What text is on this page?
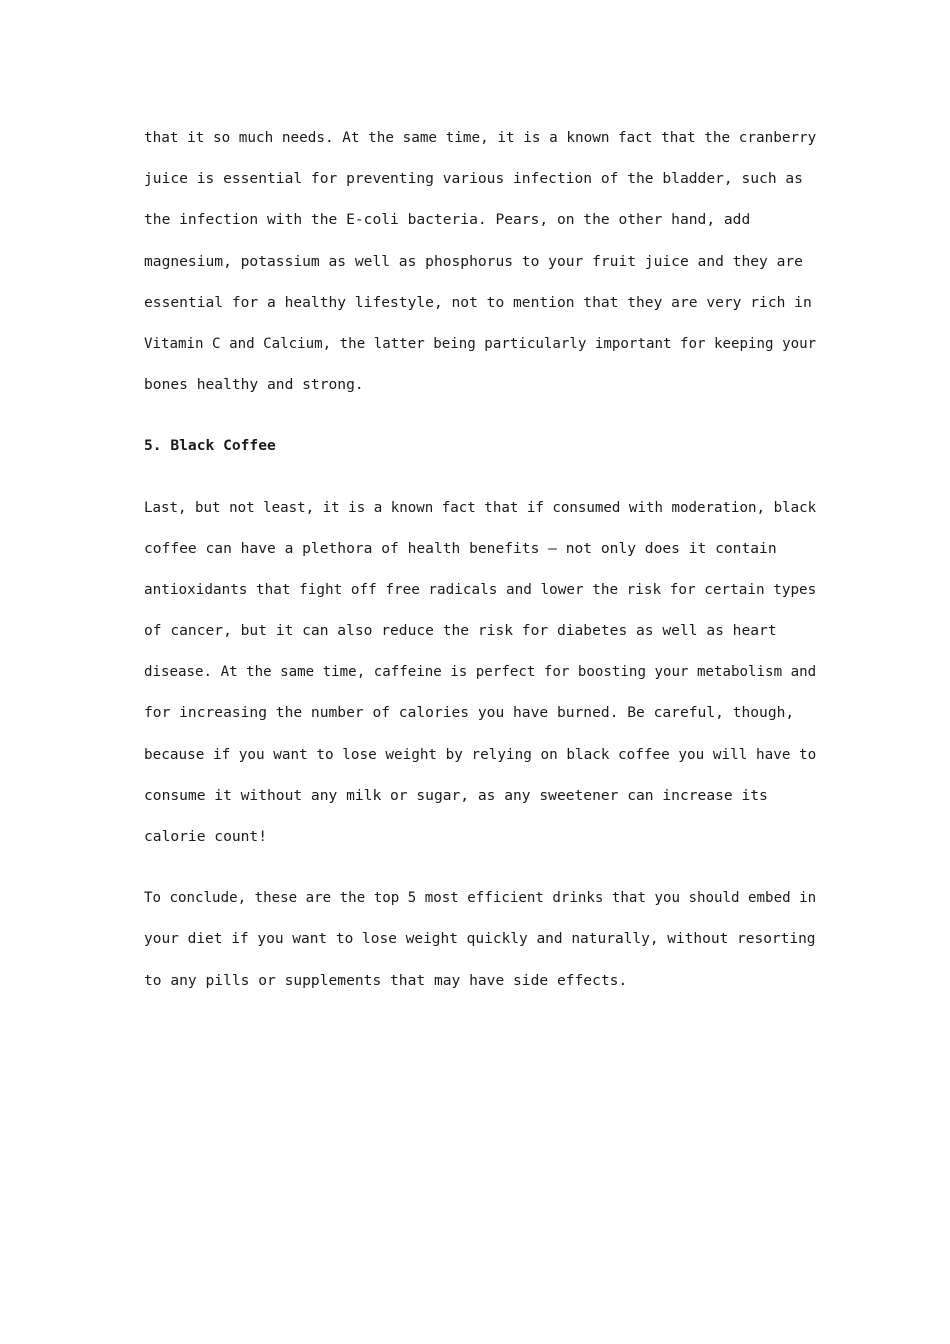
that it so much needs. At the same time, it is a known fact that the cranberry
juice is essential for preventing various infection of the bladder, such as
the infection with the E-coli bacteria. Pears, on the other hand, add
magnesium, potassium as well as phosphorus to your fruit juice and they are
essential for a healthy lifestyle, not to mention that they are very rich in
Vitamin C and Calcium, the latter being particularly important for keeping your
bones healthy and strong.
5. Black Coffee
Last, but not least, it is a known fact that if consumed with moderation, black
coffee can have a plethora of health benefits – not only does it contain
antioxidants that fight off free radicals and lower the risk for certain types
of cancer, but it can also reduce the risk for diabetes as well as heart
disease. At the same time, caffeine is perfect for boosting your metabolism and
for increasing the number of calories you have burned. Be careful, though,
because if you want to lose weight by relying on black coffee you will have to
consume it without any milk or sugar, as any sweetener can increase its
calorie count!
To conclude, these are the top 5 most efficient drinks that you should embed in
your diet if you want to lose weight quickly and naturally, without resorting
to any pills or supplements that may have side effects.
